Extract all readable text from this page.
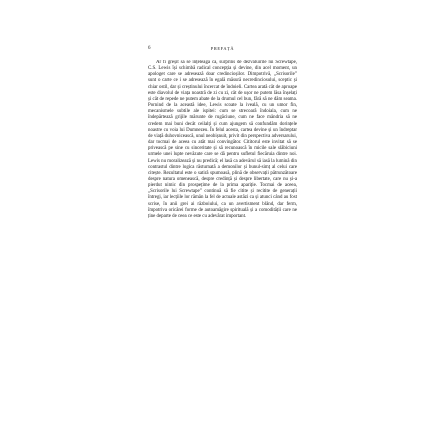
6	PREFAȚĂ

Ar fi greșit să se înțeleagă că, surprins de dezvăluirile lui Screwtape, C.S. Lewis își schimbă radical concepția și devine, din acel moment, un apologet care se adresează doar credincioșilor. Dimpotrivă, „Scrisorile” sunt o carte ce i se adresează în egală măsură necredinciosului, sceptic și chiar ostil, dar și creștinului încercat de îndoieli. Cartea arată cât de aproape este diavolul de viața noastră de zi cu zi, cât de ușor ne putem lăsa înșelați și cât de repede ne putem abate de la drumul cel bun, fără să ne dăm seama. Pornind de la această idee, Lewis scoate la iveală, cu un umor fin, mecanismele subtile ale ispitei: cum se strecoară îndoiala, cum ne îndepărtează grijile mărunte de rugăciune, cum ne face mândria să ne credem mai buni decât ceilalți și cum ajungem să confundăm dorințele noastre cu voia lui Dumnezeu. În felul acesta, cartea devine și un îndreptar de viață duhovnicească, unul neobișnuit, privit din perspectiva adversarului, dar tocmai de aceea cu atât mai convingător. Cititorul este invitat să se privească pe sine cu sinceritate și să recunoască în micile sale slăbiciuni urmele unei lupte nevăzute care se dă pentru sufletul fiecăruia dintre noi. Lewis nu moralizează și nu predică; el lasă ca adevărul să iasă la lumină din contrastul dintre logica răsturnată a demonilor și bunul-simț al celui care citește. Rezultatul este o satiră spumoasă, plină de observații pătrunzătoare despre natura omenească, despre credință și despre libertate, care nu și-a pierdut nimic din prospețime de la prima apariție. Tocmai de aceea, „Scrisorile lui Screwtape” continuă să fie citite și recitite de generații întregi, iar lecțiile lor rămân la fel de actuale astăzi ca și atunci când au fost scrise, în anii grei ai războiului, ca un avertisment blând, dar ferm, împotriva oricărei forme de autoamăgire spirituală și a comodității care ne ține departe de ceea ce este cu adevărat important.
